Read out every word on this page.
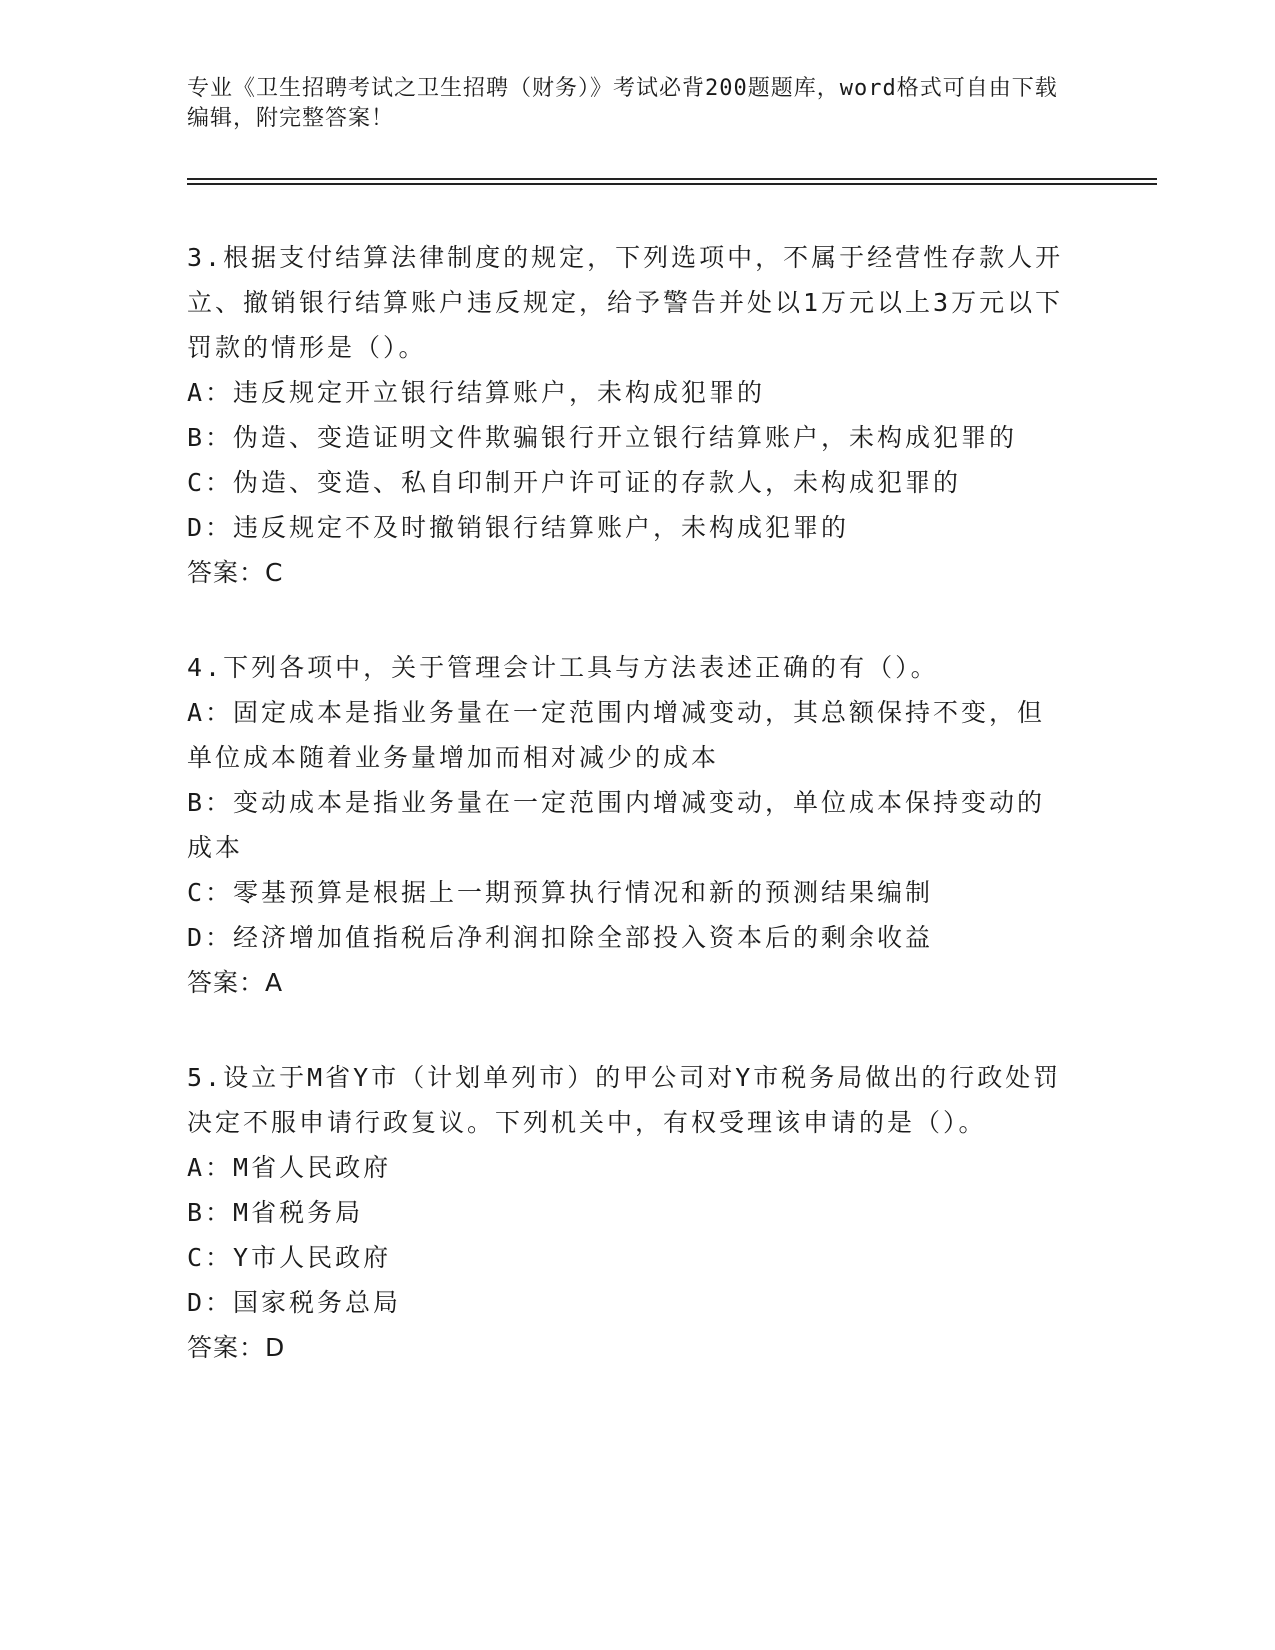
专业《卫生招聘考试之卫生招聘（财务）》考试必背200题题库，word格式可自由下载编辑，附完整答案！

3.根据支付结算法律制度的规定，下列选项中，不属于经营性存款人开立、撤销银行结算账户违反规定，给予警告并处以1万元以上3万元以下罚款的情形是（）。

A：违反规定开立银行结算账户，未构成犯罪的

B：伪造、变造证明文件欺骗银行开立银行结算账户，未构成犯罪的

C：伪造、变造、私自印制开户许可证的存款人，未构成犯罪的

D：违反规定不及时撤销银行结算账户，未构成犯罪的

答案：C

4.下列各项中，关于管理会计工具与方法表述正确的有（）。

A：固定成本是指业务量在一定范围内增减变动，其总额保持不变，但单位成本随着业务量增加而相对减少的成本

B：变动成本是指业务量在一定范围内增减变动，单位成本保持变动的成本

C：零基预算是根据上一期预算执行情况和新的预测结果编制

D：经济增加值指税后净利润扣除全部投入资本后的剩余收益

答案：A

5.设立于M省Y市（计划单列市）的甲公司对Y市税务局做出的行政处罚决定不服申请行政复议。下列机关中，有权受理该申请的是（）。

A：M省人民政府

B：M省税务局

C：Y市人民政府

D：国家税务总局

答案：D
